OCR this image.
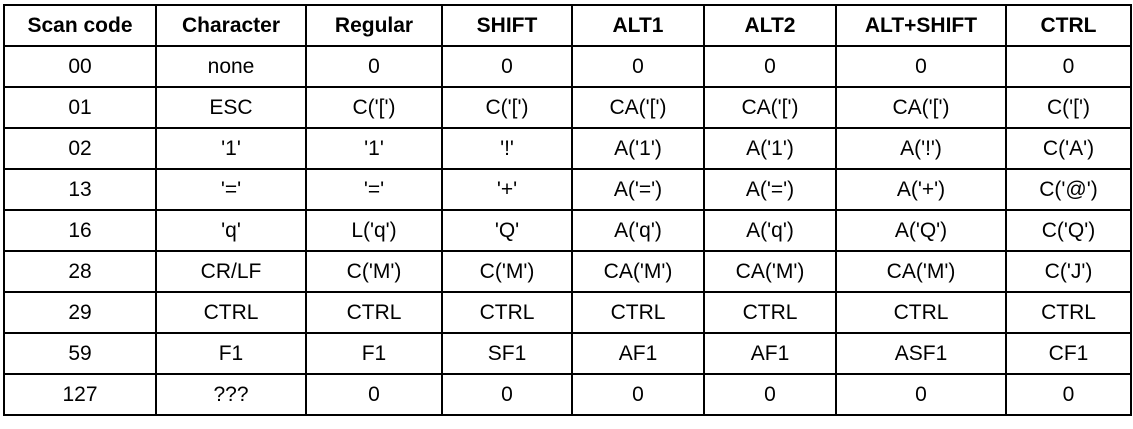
Scan code	Character	Regular	SHIFT	ALT1	ALT2	ALT+SHIFT	CTRL
00	none	0	0	0	0	0	0
01	ESC	C('[')	C('[')	CA('[')	CA('[')	CA('[')	C('[')
02	'1'	'1'	'!'	A('1')	A('1')	A('!')	C('A')
13	'='	'='	'+'	A('=')	A('=')	A('+')	C('@')
16	'q'	L('q')	'Q'	A('q')	A('q')	A('Q')	C('Q')
28	CR/LF	C('M')	C('M')	CA('M')	CA('M')	CA('M')	C('J')
29	CTRL	CTRL	CTRL	CTRL	CTRL	CTRL	CTRL
59	F1	F1	SF1	AF1	AF1	ASF1	CF1
127	???	0	0	0	0	0	0
